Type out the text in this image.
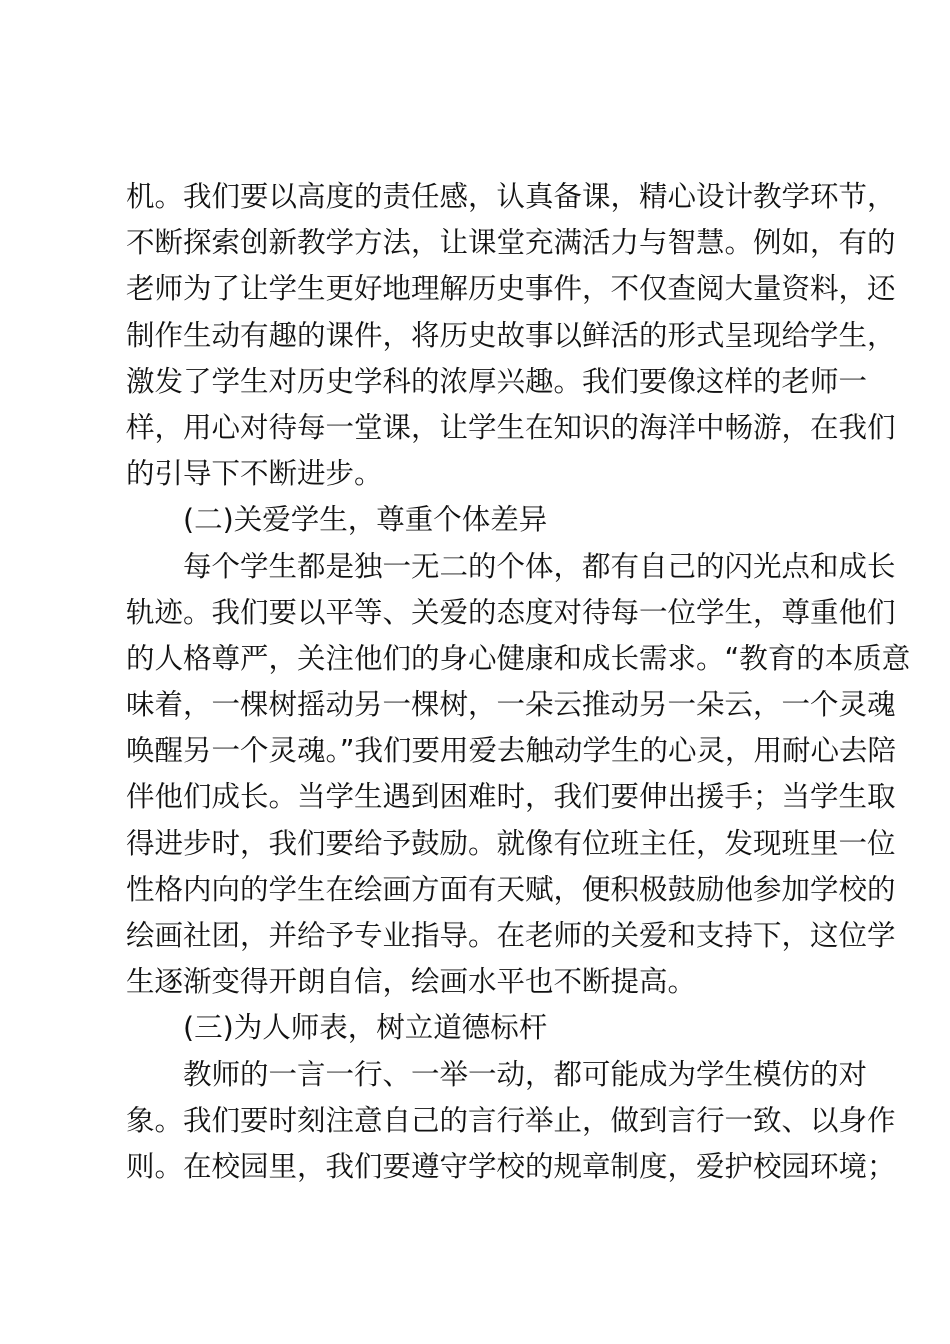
机。我们要以高度的责任感，认真备课，精心设计教学环节，
不断探索创新教学方法，让课堂充满活力与智慧。例如，有的
老师为了让学生更好地理解历史事件，不仅查阅大量资料，还
制作生动有趣的课件，将历史故事以鲜活的形式呈现给学生，
激发了学生对历史学科的浓厚兴趣。我们要像这样的老师一
样，用心对待每一堂课，让学生在知识的海洋中畅游，在我们
的引导下不断进步。
(二)关爱学生，尊重个体差异
每个学生都是独一无二的个体，都有自己的闪光点和成长
轨迹。我们要以平等、关爱的态度对待每一位学生，尊重他们
的人格尊严，关注他们的身心健康和成长需求。“教育的本质意
味着，一棵树摇动另一棵树，一朵云推动另一朵云，一个灵魂
唤醒另一个灵魂。”我们要用爱去触动学生的心灵，用耐心去陪
伴他们成长。当学生遇到困难时，我们要伸出援手；当学生取
得进步时，我们要给予鼓励。就像有位班主任，发现班里一位
性格内向的学生在绘画方面有天赋，便积极鼓励他参加学校的
绘画社团，并给予专业指导。在老师的关爱和支持下，这位学
生逐渐变得开朗自信，绘画水平也不断提高。
(三)为人师表，树立道德标杆
教师的一言一行、一举一动，都可能成为学生模仿的对
象。我们要时刻注意自己的言行举止，做到言行一致、以身作
则。在校园里，我们要遵守学校的规章制度，爱护校园环境；
